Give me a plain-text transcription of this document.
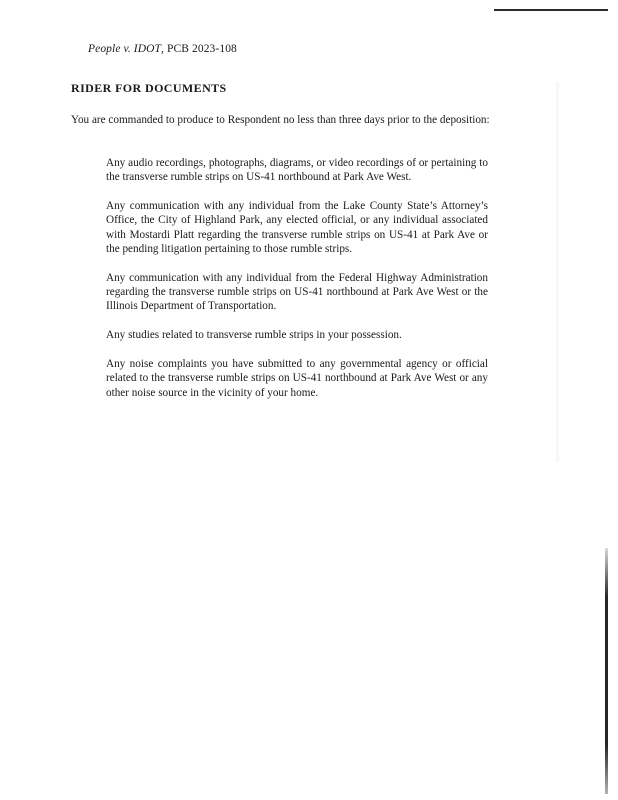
People v. IDOT, PCB 2023-108
RIDER FOR DOCUMENTS
You are commanded to produce to Respondent no less than three days prior to the deposition:
Any audio recordings, photographs, diagrams, or video recordings of or pertaining to the transverse rumble strips on US-41 northbound at Park Ave West.
Any communication with any individual from the Lake County State’s Attorney’s Office, the City of Highland Park, any elected official, or any individual associated with Mostardi Platt regarding the transverse rumble strips on US-41 at Park Ave or the pending litigation pertaining to those rumble strips.
Any communication with any individual from the Federal Highway Administration regarding the transverse rumble strips on US-41 northbound at Park Ave West or the Illinois Department of Transportation.
Any studies related to transverse rumble strips in your possession.
Any noise complaints you have submitted to any governmental agency or official related to the transverse rumble strips on US-41 northbound at Park Ave West or any other noise source in the vicinity of your home.
